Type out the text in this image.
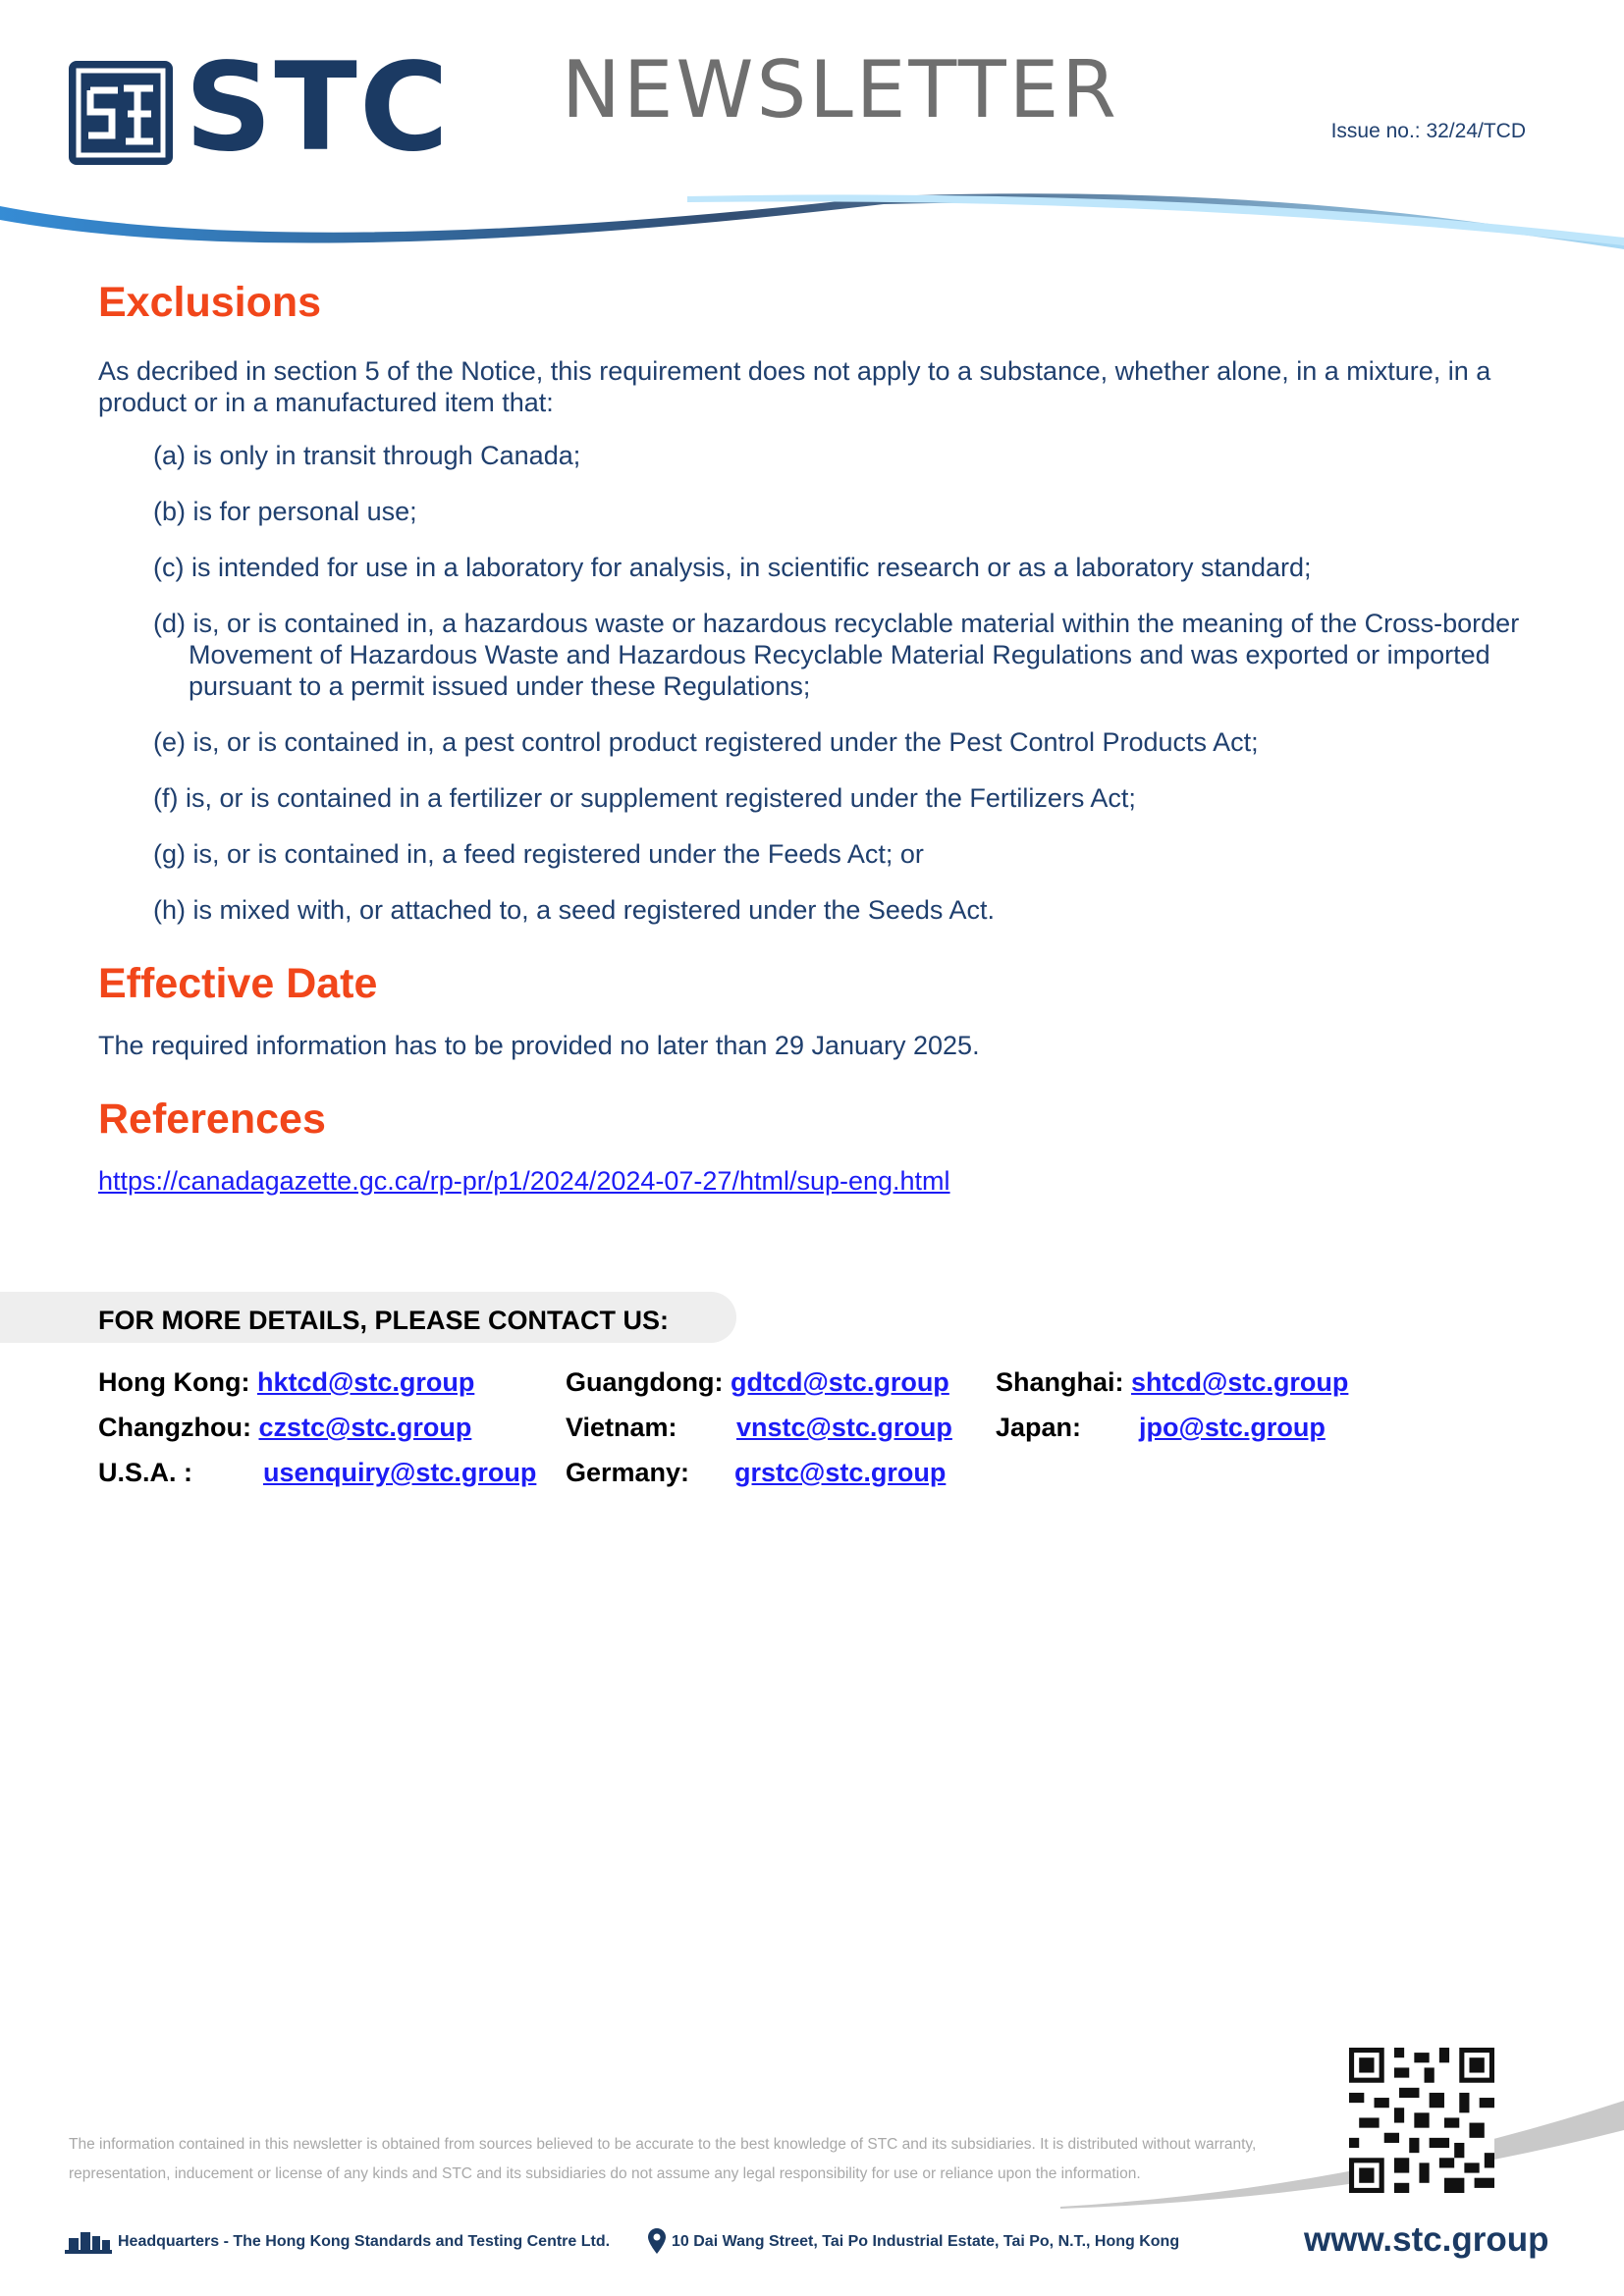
STC NEWSLETTER	Issue no.: 32/24/TCD
Exclusions

As decribed in section 5 of the Notice, this requirement does not apply to a substance, whether alone, in a mixture, in a product or in a manufactured item that:

(a) is only in transit through Canada;
(b) is for personal use;
(c) is intended for use in a laboratory for analysis, in scientific research or as a laboratory standard;
(d) is, or is contained in, a hazardous waste or hazardous recyclable material within the meaning of the Cross-border Movement of Hazardous Waste and Hazardous Recyclable Material Regulations and was exported or imported pursuant to a permit issued under these Regulations;
(e) is, or is contained in, a pest control product registered under the Pest Control Products Act;
(f) is, or is contained in a fertilizer or supplement registered under the Fertilizers Act;
(g) is, or is contained in, a feed registered under the Feeds Act; or
(h) is mixed with, or attached to, a seed registered under the Seeds Act.
Effective Date

The required information has to be provided no later than 29 January 2025.

References
https://canadagazette.gc.ca/rp-pr/p1/2024/2024-07-27/html/sup-eng.html
FOR MORE DETAILS, PLEASE CONTACT US:
Hong Kong: hktcd@stc.group	Guangdong: gdtcd@stc.group Shanghai: shtcd@stc.group
Changzhou: czstc@stc.group	Vietnam: vnstc@stc.group Japan: jpo@stc.group
U.S.A. :	usenquiry@stc.group Germany: grstc@stc.group
The information contained in this newsletter is obtained from sources believed to be accurate to the best knowledge of STC and its subsidiaries. It is distributed without warranty, representation, inducement or license of any kinds and STC and its subsidiaries do not assume any legal responsibility for use or reliance upon the information.
Headquarters - The Hong Kong Standards and Testing Centre Ltd.	10 Dai Wang Street, Tai Po Industrial Estate, Tai Po, N.T., Hong Kong	www.stc.group
